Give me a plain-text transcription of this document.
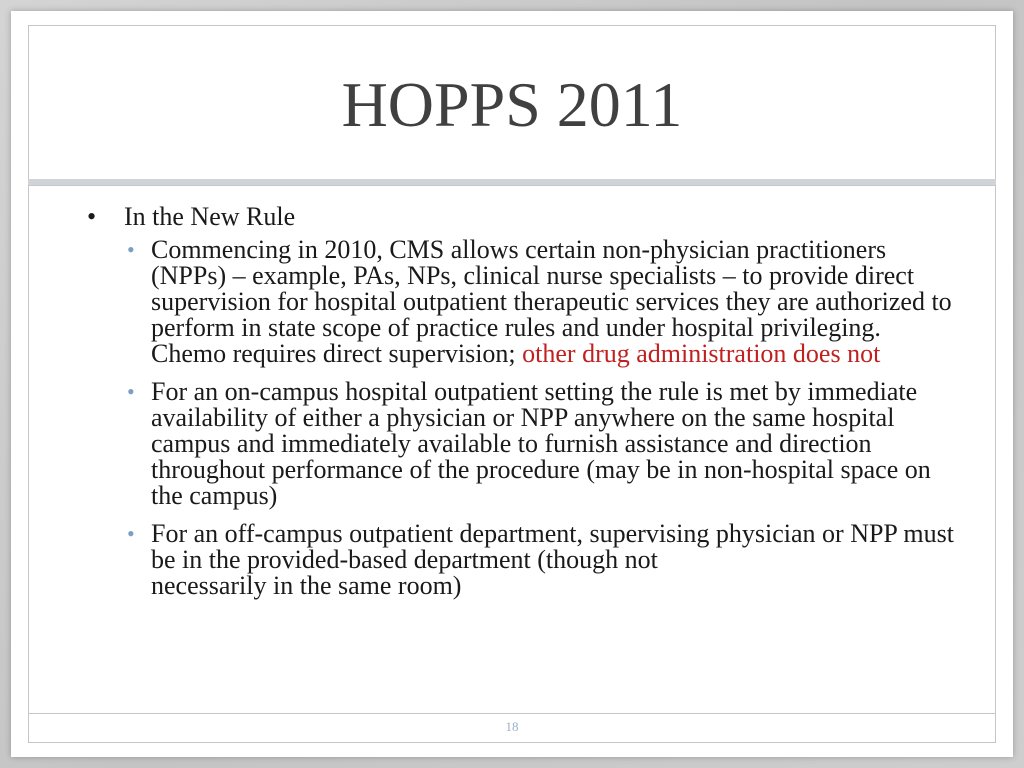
HOPPS 2011
• In the New Rule
• Commencing in 2010, CMS allows certain non-physician practitioners (NPPs) – example, PAs, NPs, clinical nurse specialists – to provide direct supervision for hospital outpatient therapeutic services they are authorized to perform in state scope of practice rules and under hospital privileging. Chemo requires direct supervision; other drug administration does not
• For an on-campus hospital outpatient setting the rule is met by immediate availability of either a physician or NPP anywhere on the same hospital campus and immediately available to furnish assistance and direction throughout performance of the procedure (may be in non-hospital space on the campus)
• For an off-campus outpatient department, supervising physician or NPP must be in the provided-based department (though not
necessarily in the same room)
18
